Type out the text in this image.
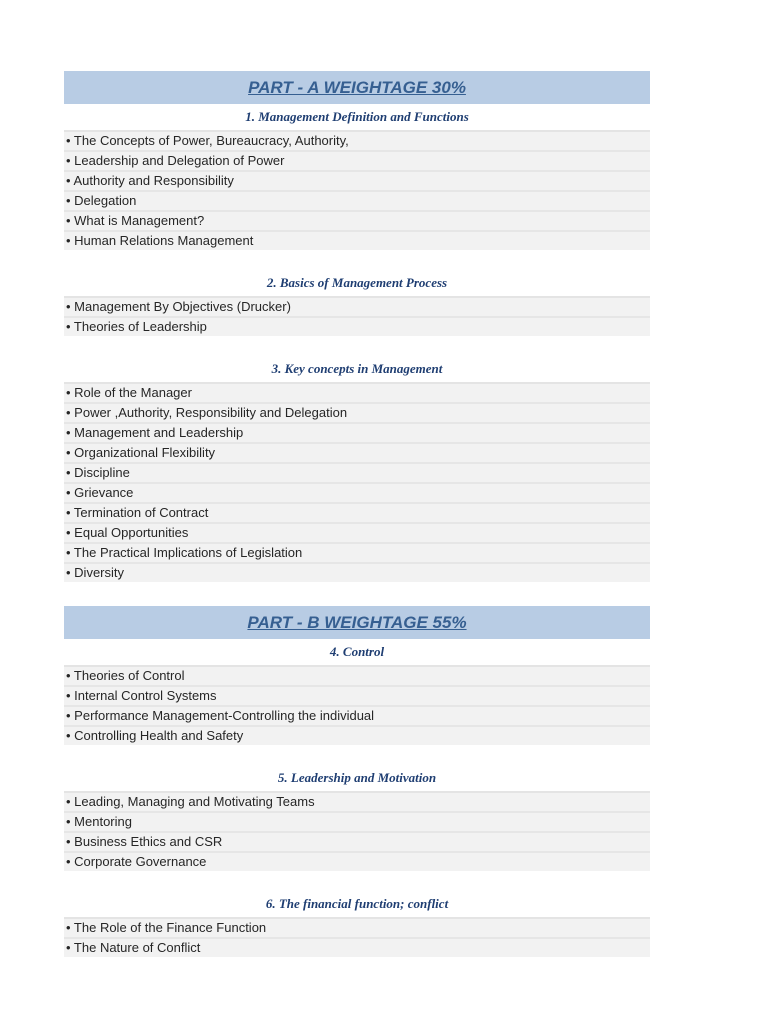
PART - A WEIGHTAGE 30%
1. Management Definition and Functions
• The Concepts of Power, Bureaucracy, Authority,
• Leadership and Delegation of Power
• Authority and Responsibility
• Delegation
• What is Management?
• Human Relations Management
2. Basics of Management Process
• Management By Objectives (Drucker)
• Theories of Leadership
3. Key concepts in Management
• Role of the Manager
• Power ,Authority, Responsibility and Delegation
• Management and Leadership
• Organizational Flexibility
• Discipline
• Grievance
• Termination of Contract
• Equal Opportunities
• The Practical Implications of Legislation
• Diversity
PART - B WEIGHTAGE 55%
4. Control
• Theories of Control
• Internal Control Systems
• Performance Management-Controlling the individual
• Controlling Health and Safety
5. Leadership and Motivation
• Leading, Managing and Motivating Teams
• Mentoring
• Business Ethics and CSR
• Corporate Governance
6. The financial function; conflict
• The Role of the Finance Function
• The Nature of Conflict
